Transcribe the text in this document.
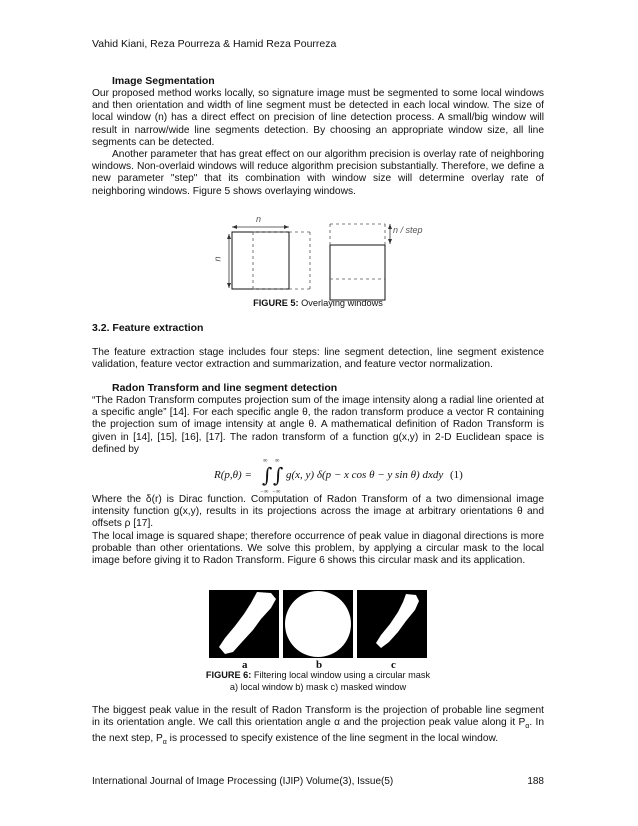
Vahid Kiani, Reza Pourreza & Hamid Reza Pourreza
Image Segmentation
Our proposed method works locally, so signature image must be segmented to some local windows and then orientation and width of line segment must be detected in each local window. The size of local window (n) has a direct effect on precision of line detection process. A small/big window will result in narrow/wide line segments detection. By choosing an appropriate window size, all line segments can be detected.
Another parameter that has great effect on our algorithm precision is overlay rate of neighboring windows. Non-overlaid windows will reduce algorithm precision substantially. Therefore, we define a new parameter "step" that its combination with window size will determine overlay rate of neighboring windows. Figure 5 shows overlaying windows.
n
n
n / step
FIGURE 5: Overlaying windows
3.2. Feature extraction
The feature extraction stage includes four steps: line segment detection, line segment existence validation, feature vector extraction and summarization, and feature vector normalization.
Radon Transform and line segment detection
“The Radon Transform computes projection sum of the image intensity along a radial line oriented at a specific angle” [14]. For each specific angle θ, the radon transform produce a vector R containing the projection sum of image intensity at angle θ. A mathematical definition of Radon Transform is given in [14], [15], [16], [17]. The radon transform of a function g(x,y) in 2-D Euclidean space is defined by
R(p,θ) =
∞ ∞
∫ ∫
−∞ −∞
g(x, y) δ(p − x cos θ − y sin θ) dxdy (1)
Where the δ(r) is Dirac function. Computation of Radon Transform of a two dimensional image intensity function g(x,y), results in its projections across the image at arbitrary orientations θ and offsets ρ [17].
The local image is squared shape; therefore occurrence of peak value in diagonal directions is more probable than other orientations. We solve this problem, by applying a circular mask to the local image before giving it to Radon Transform. Figure 6 shows this circular mask and its application.
a	b	c
FIGURE 6: Filtering local window using a circular mask
a) local window b) mask c) masked window
The biggest peak value in the result of Radon Transform is the projection of probable line segment in its orientation angle. We call this orientation angle α and the projection peak value along it $P_\alpha$. In the next step, $P_\alpha$ is processed to specify existence of the line segment in the local window.
International Journal of Image Processing (IJIP) Volume(3), Issue(5)	188
